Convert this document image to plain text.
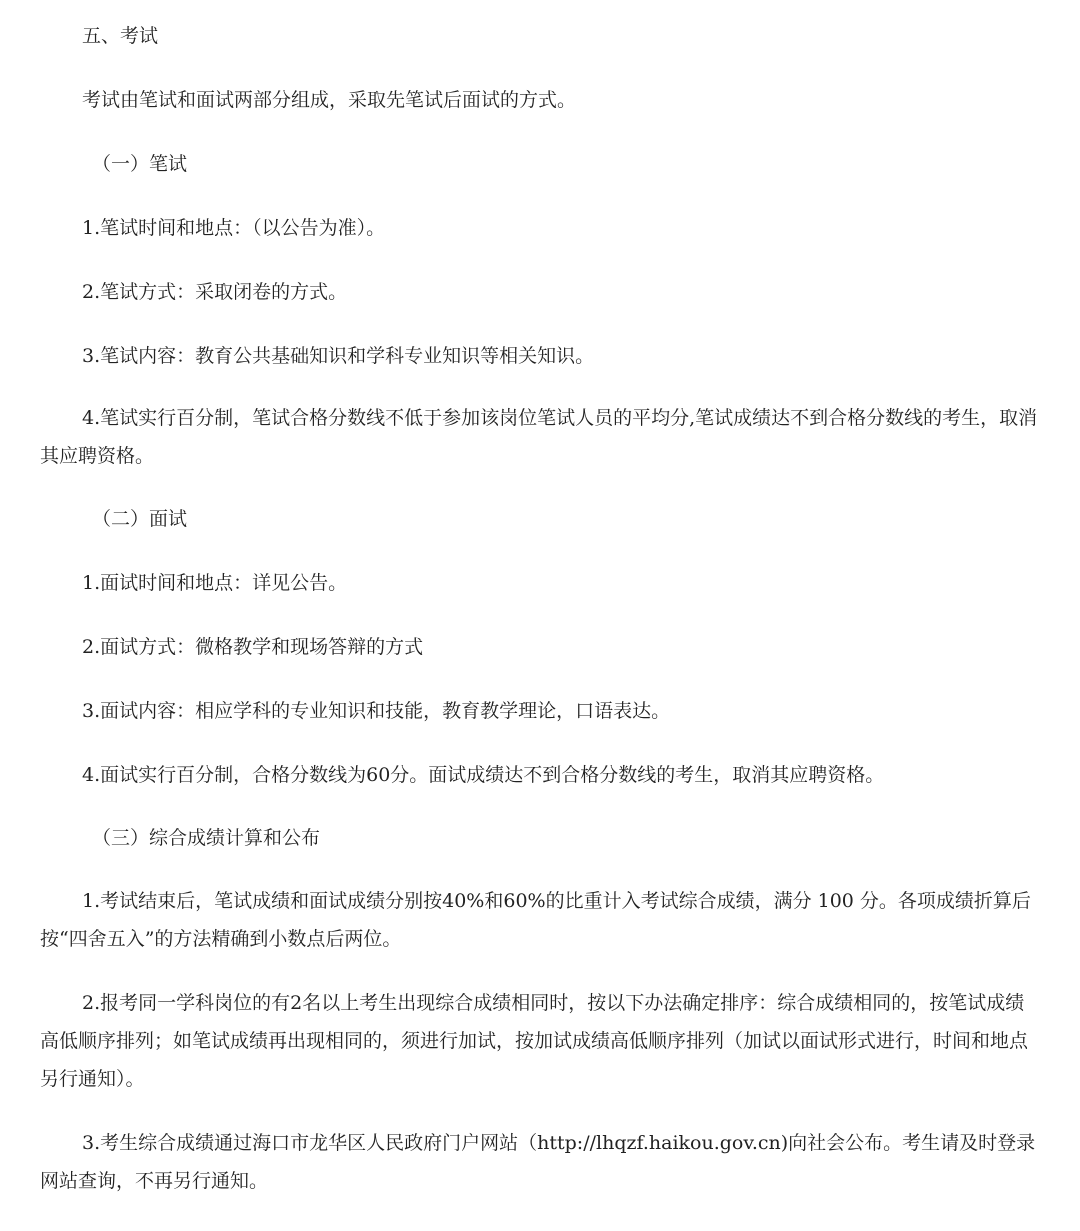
五、考试

考试由笔试和面试两部分组成，采取先笔试后面试的方式。

（一）笔试

1.笔试时间和地点：（以公告为准）。

2.笔试方式：采取闭卷的方式。

3.笔试内容：教育公共基础知识和学科专业知识等相关知识。

4.笔试实行百分制，笔试合格分数线不低于参加该岗位笔试人员的平均分,笔试成绩达不到合格分数线的考生，取消其应聘资格。

（二）面试

1.面试时间和地点：详见公告。

2.面试方式：微格教学和现场答辩的方式

3.面试内容：相应学科的专业知识和技能，教育教学理论，口语表达。

4.面试实行百分制，合格分数线为60分。面试成绩达不到合格分数线的考生，取消其应聘资格。

（三）综合成绩计算和公布

1.考试结束后，笔试成绩和面试成绩分别按40%和60%的比重计入考试综合成绩，满分 100 分。各项成绩折算后按“四舍五入”的方法精确到小数点后两位。

2.报考同一学科岗位的有2名以上考生出现综合成绩相同时，按以下办法确定排序：综合成绩相同的，按笔试成绩高低顺序排列；如笔试成绩再出现相同的，须进行加试，按加试成绩高低顺序排列（加试以面试形式进行，时间和地点另行通知）。

3.考生综合成绩通过海口市龙华区人民政府门户网站（http://lhqzf.haikou.gov.cn)向社会公布。考生请及时登录网站查询，不再另行通知。
